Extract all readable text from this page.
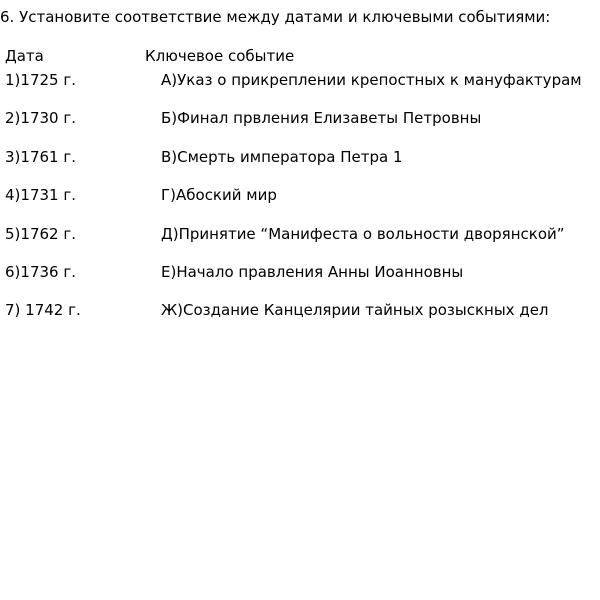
6. Установите соответствие между датами и ключевыми событиями:
Дата	Ключевое событие
1)1725 г.	А)Указ о прикреплении крепостных к мануфактурам
2)1730 г.	Б)Финал првления Елизаветы Петровны
3)1761 г.	В)Смерть императора Петра 1
4)1731 г.	Г)Абоский мир
5)1762 г.	Д)Принятие “Манифеста о вольности дворянской”
6)1736 г.	Е)Начало правления Анны Иоанновны
7) 1742 г.	Ж)Создание Канцелярии тайных розыскных дел
